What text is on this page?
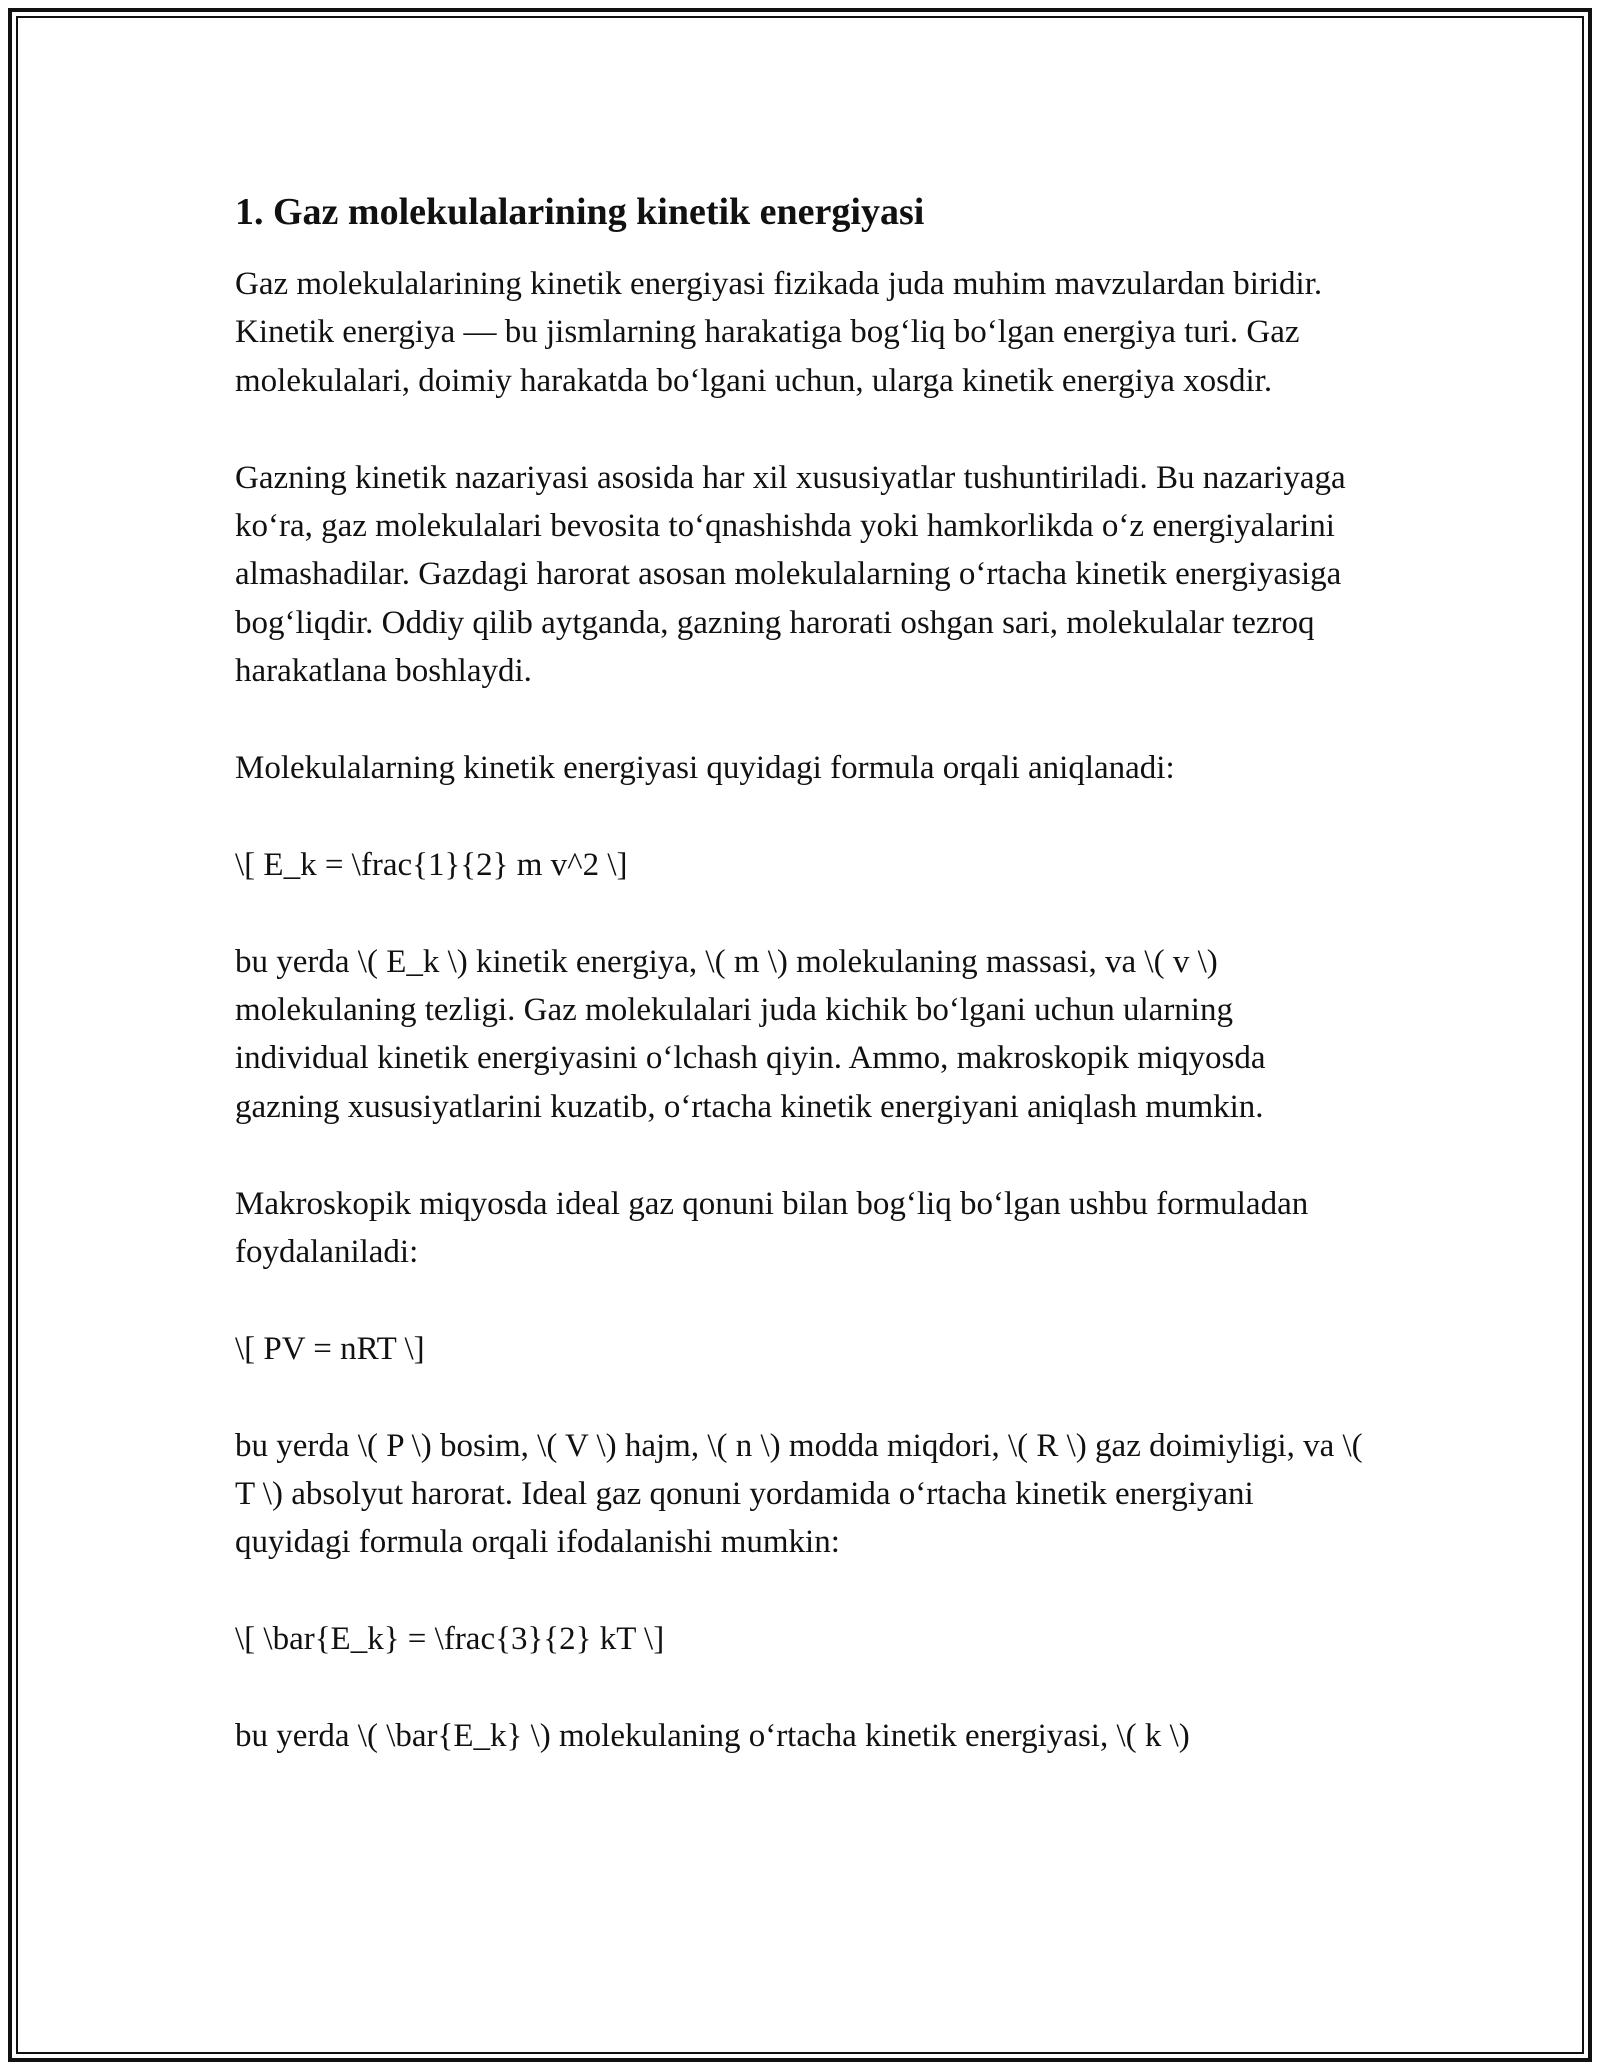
1. Gaz molekulalarining kinetik energiyasi

Gaz molekulalarining kinetik energiyasi fizikada juda muhim mavzulardan biridir. Kinetik energiya — bu jismlarning harakatiga bog‘liq bo‘lgan energiya turi. Gaz molekulalari, doimiy harakatda bo‘lgani uchun, ularga kinetik energiya xosdir.

Gazning kinetik nazariyasi asosida har xil xususiyatlar tushuntiriladi. Bu nazariyaga ko‘ra, gaz molekulalari bevosita to‘qnashishda yoki hamkorlikda o‘z energiyalarini almashadilar. Gazdagi harorat asosan molekulalarning o‘rtacha kinetik energiyasiga bog‘liqdir. Oddiy qilib aytganda, gazning harorati oshgan sari, molekulalar tezroq harakatlana boshlaydi.

Molekulalarning kinetik energiyasi quyidagi formula orqali aniqlanadi:

\[ E_k = \frac{1}{2} m v^2 \]

bu yerda \( E_k \) kinetik energiya, \( m \) molekulaning massasi, va \( v \) molekulaning tezligi. Gaz molekulalari juda kichik bo‘lgani uchun ularning individual kinetik energiyasini o‘lchash qiyin. Ammo, makroskopik miqyosda gazning xususiyatlarini kuzatib, o‘rtacha kinetik energiyani aniqlash mumkin.

Makroskopik miqyosda ideal gaz qonuni bilan bog‘liq bo‘lgan ushbu formuladan foydalaniladi:

\[ PV = nRT \]

bu yerda \( P \) bosim, \( V \) hajm, \( n \) modda miqdori, \( R \) gaz doimiyligi, va \( T \) absolyut harorat. Ideal gaz qonuni yordamida o‘rtacha kinetik energiyani quyidagi formula orqali ifodalanishi mumkin:

\[ \bar{E_k} = \frac{3}{2} kT \]

bu yerda \( \bar{E_k} \) molekulaning o‘rtacha kinetik energiyasi, \( k \)
